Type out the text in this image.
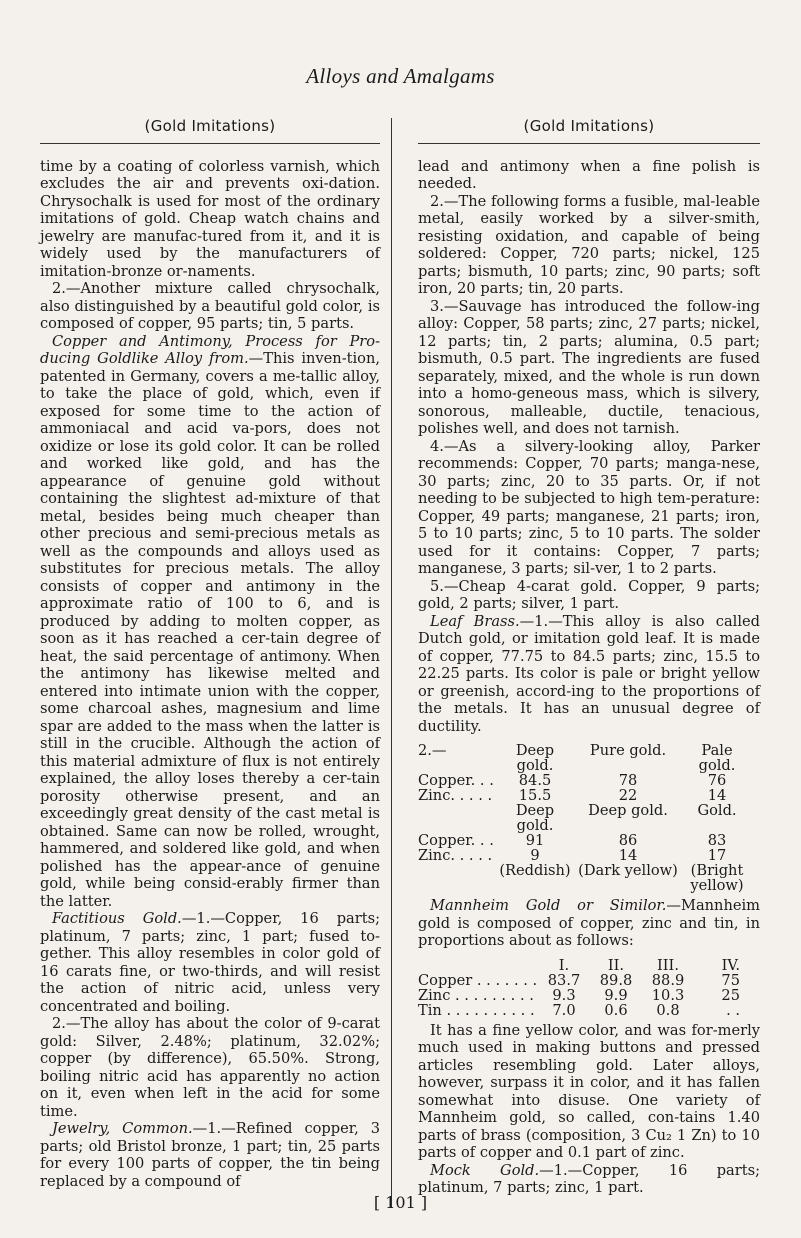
Alloys and Amalgams
(Gold Imitations)

time by a coating of colorless varnish, which excludes the air and prevents oxi-dation. Chrysochalk is used for most of the ordinary imitations of gold. Cheap watch chains and jewelry are manufac-tured from it, and it is widely used by the manufacturers of imitation-bronze or-naments.

2.—Another mixture called chrysochalk, also distinguished by a beautiful gold color, is composed of copper, 95 parts; tin, 5 parts.

Copper and Antimony, Process for Pro-ducing Goldlike Alloy from.—This inven-tion, patented in Germany, covers a me-tallic alloy, to take the place of gold, which, even if exposed for some time to the action of ammoniacal and acid va-pors, does not oxidize or lose its gold color. It can be rolled and worked like gold, and has the appearance of genuine gold without containing the slightest ad-mixture of that metal, besides being much cheaper than other precious and semi-precious metals as well as the compounds and alloys used as substitutes for precious metals. The alloy consists of copper and antimony in the approximate ratio of 100 to 6, and is produced by adding to molten copper, as soon as it has reached a cer-tain degree of heat, the said percentage of antimony. When the antimony has likewise melted and entered into intimate union with the copper, some charcoal ashes, magnesium and lime spar are added to the mass when the latter is still in the crucible. Although the action of this material admixture of flux is not entirely explained, the alloy loses thereby a cer-tain porosity otherwise present, and an exceedingly great density of the cast metal is obtained. Same can now be rolled, wrought, hammered, and soldered like gold, and when polished has the appear-ance of genuine gold, while being consid-erably firmer than the latter.

Factitious Gold.—1.—Copper, 16 parts; platinum, 7 parts; zinc, 1 part; fused to-gether. This alloy resembles in color gold of 16 carats fine, or two-thirds, and will resist the action of nitric acid, unless very concentrated and boiling.

2.—The alloy has about the color of 9-carat gold: Silver, 2.48%; platinum, 32.02%; copper (by difference), 65.50%. Strong, boiling nitric acid has apparently no action on it, even when left in the acid for some time.

Jewelry, Common.—1.—Refined copper, 3 parts; old Bristol bronze, 1 part; tin, 25 parts for every 100 parts of copper, the tin being replaced by a compound of

(Gold Imitations)

lead and antimony when a fine polish is needed.

2.—The following forms a fusible, mal-leable metal, easily worked by a silver-smith, resisting oxidation, and capable of being soldered: Copper, 720 parts; nickel, 125 parts; bismuth, 10 parts; zinc, 90 parts; soft iron, 20 parts; tin, 20 parts.

3.—Sauvage has introduced the follow-ing alloy: Copper, 58 parts; zinc, 27 parts; nickel, 12 parts; tin, 2 parts; alumina, 0.5 part; bismuth, 0.5 part. The ingredients are fused separately, mixed, and the whole is run down into a homo-geneous mass, which is silvery, sonorous, malleable, ductile, tenacious, polishes well, and does not tarnish.

4.—As a silvery-looking alloy, Parker recommends: Copper, 70 parts; manga-nese, 30 parts; zinc, 20 to 35 parts. Or, if not needing to be subjected to high tem-perature: Copper, 49 parts; manganese, 21 parts; iron, 5 to 10 parts; zinc, 5 to 10 parts. The solder used for it contains: Copper, 7 parts; manganese, 3 parts; sil-ver, 1 to 2 parts.

5.—Cheap 4-carat gold. Copper, 9 parts; gold, 2 parts; silver, 1 part.

Leaf Brass.—1.—This alloy is also called Dutch gold, or imitation gold leaf. It is made of copper, 77.75 to 84.5 parts; zinc, 15.5 to 22.25 parts. Its color is pale or bright yellow or greenish, accord-ing to the proportions of the metals. It has an unusual degree of ductility.

2.—	Deep gold.	Pure gold.	Pale gold.
Copper. . .	84.5	78	76
Zinc. . . . .	15.5	22	14
	Deep gold.	Deep gold.	Gold.
Copper. . .	91	86	83
Zinc. . . . .	9	14	17
	(Reddish)	(Dark yellow)	(Bright yellow)

Mannheim Gold or Similor.—Mannheim gold is composed of copper, zinc and tin, in proportions about as follows:

	I.	II.	III.	IV.
Copper . . . . . . .	83.7	89.8	88.9	75
Zinc . . . . . . . . .	9.3	9.9	10.3	25
Tin . . . . . . . . . .	7.0	0.6	0.8	. .

It has a fine yellow color, and was for-merly much used in making buttons and pressed articles resembling gold. Later alloys, however, surpass it in color, and it has fallen somewhat into disuse. One variety of Mannheim gold, so called, con-tains 1.40 parts of brass (composition, 3 Cu₂ 1 Zn) to 10 parts of copper and 0.1 part of zinc.

Mock Gold.—1.—Copper, 16 parts; platinum, 7 parts; zinc, 1 part.

[ 101 ]
